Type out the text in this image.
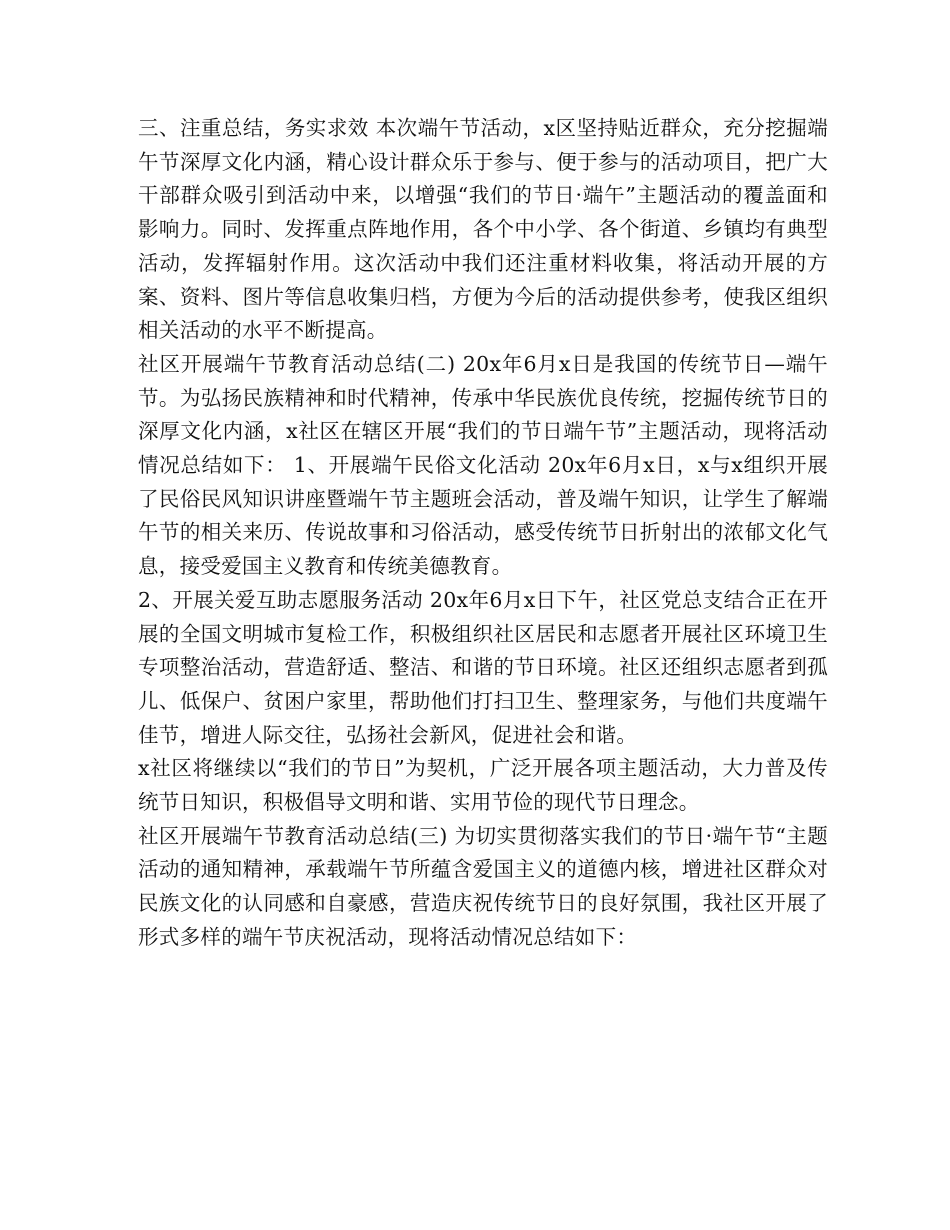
三、注重总结，务实求效 本次端午节活动，x区坚持贴近群众，充分挖掘端午节深厚文化内涵，精心设计群众乐于参与、便于参与的活动项目，把广大干部群众吸引到活动中来，以增强“我们的节日·端午”主题活动的覆盖面和影响力。同时、发挥重点阵地作用，各个中小学、各个街道、乡镇均有典型活动，发挥辐射作用。这次活动中我们还注重材料收集，将活动开展的方案、资料、图片等信息收集归档，方便为今后的活动提供参考，使我区组织相关活动的水平不断提高。

社区开展端午节教育活动总结(二) 20x年6月x日是我国的传统节日—端午节。为弘扬民族精神和时代精神，传承中华民族优良传统，挖掘传统节日的深厚文化内涵，x社区在辖区开展“我们的节日端午节”主题活动，现将活动情况总结如下： 1、开展端午民俗文化活动 20x年6月x日，x与x组织开展了民俗民风知识讲座暨端午节主题班会活动，普及端午知识，让学生了解端午节的相关来历、传说故事和习俗活动，感受传统节日折射出的浓郁文化气息，接受爱国主义教育和传统美德教育。

2、开展关爱互助志愿服务活动 20x年6月x日下午，社区党总支结合正在开展的全国文明城市复检工作，积极组织社区居民和志愿者开展社区环境卫生专项整治活动，营造舒适、整洁、和谐的节日环境。社区还组织志愿者到孤儿、低保户、贫困户家里，帮助他们打扫卫生、整理家务，与他们共度端午佳节，增进人际交往，弘扬社会新风，促进社会和谐。

x社区将继续以“我们的节日”为契机，广泛开展各项主题活动，大力普及传统节日知识，积极倡导文明和谐、实用节俭的现代节日理念。

社区开展端午节教育活动总结(三) 为切实贯彻落实我们的节日·端午节“主题活动的通知精神，承载端午节所蕴含爱国主义的道德内核，增进社区群众对民族文化的认同感和自豪感，营造庆祝传统节日的良好氛围，我社区开展了形式多样的端午节庆祝活动，现将活动情况总结如下：
